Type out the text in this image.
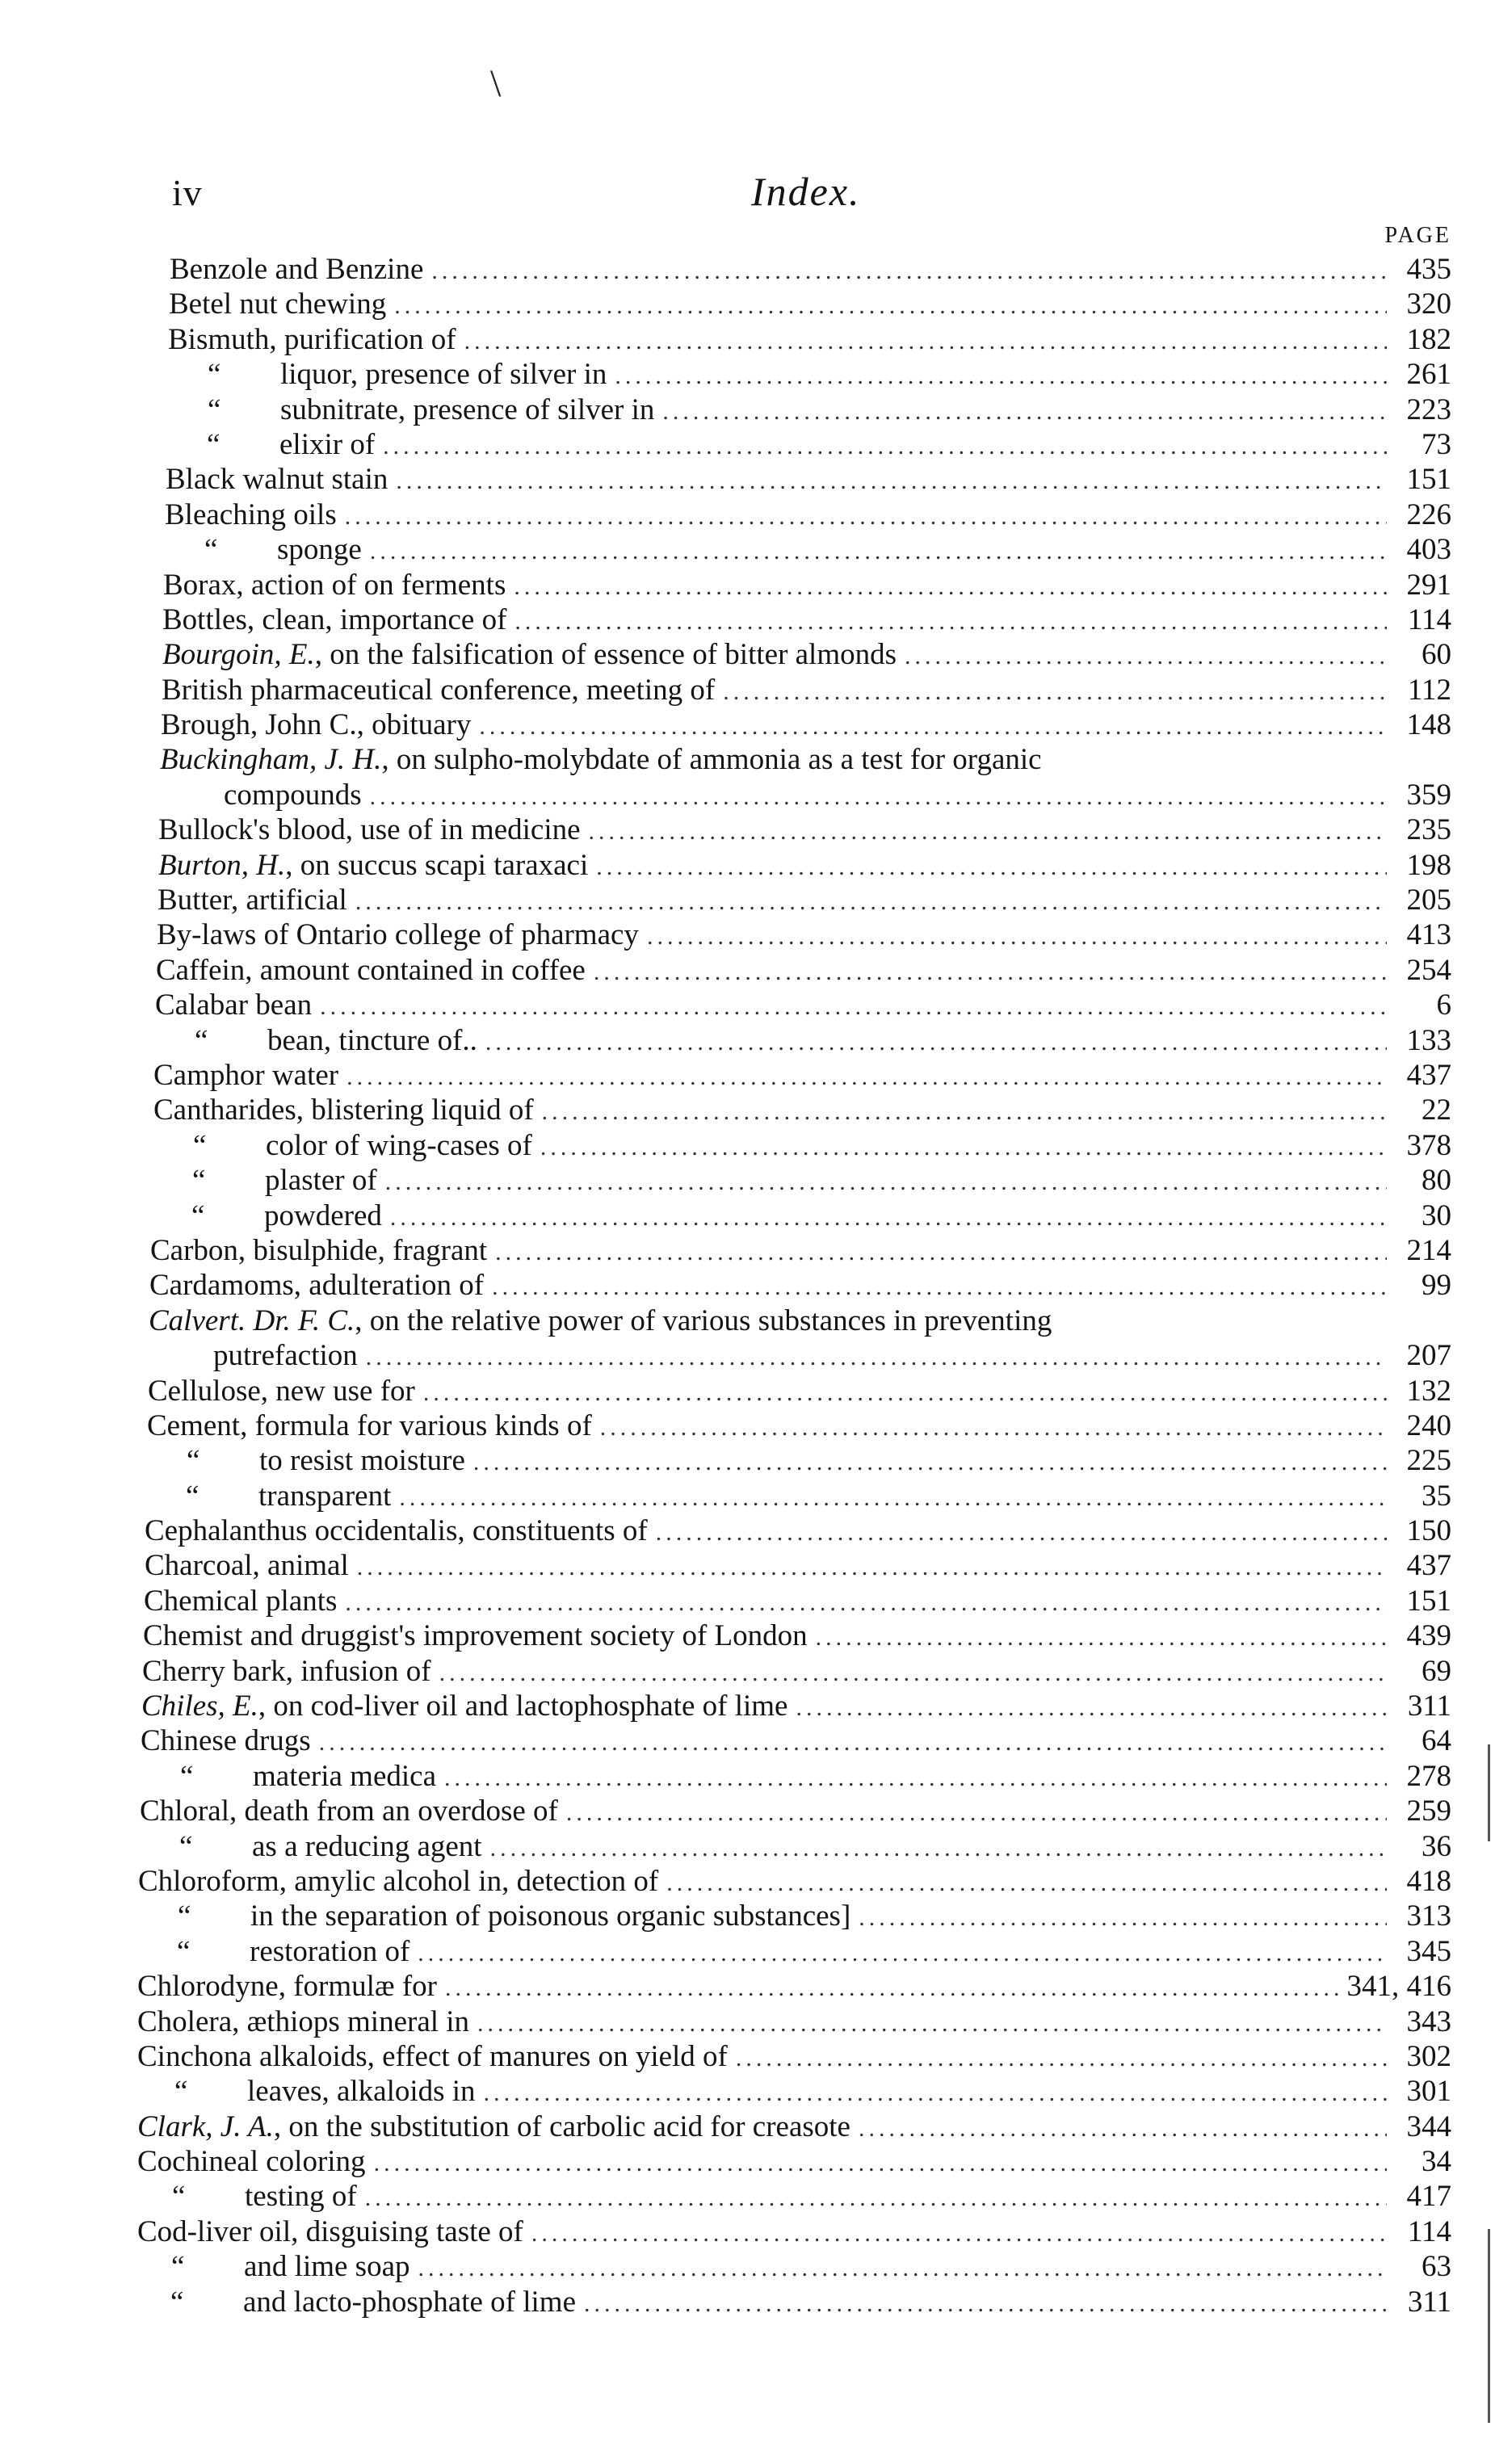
\
iv	Index.
PAGE
Benzole and Benzine .....	435
Betel nut chewing .....	320
Bismuth, purification of .....	182
“ liquor, presence of silver in .....	261
“ subnitrate, presence of silver in .....	223
“ elixir of .....	73
Black walnut stain .....	151
Bleaching oils .....	226
“ sponge .....	403
Borax, action of on ferments .....	291
Bottles, clean, importance of .....	114
Bourgoin, E., on the falsification of essence of bitter almonds .....	60
British pharmaceutical conference, meeting of .....	112
Brough, John C., obituary .....	148
Buckingham, J. H., on sulpho-molybdate of ammonia as a test for organic
compounds .....	359
Bullock's blood, use of in medicine .....	235
Burton, H., on succus scapi taraxaci .....	198
Butter, artificial .....	205
By-laws of Ontario college of pharmacy .....	413
Caffein, amount contained in coffee .....	254
Calabar bean .....	6
“ bean, tincture of.. .....	133
Camphor water .....	437
Cantharides, blistering liquid of .....	22
“ color of wing-cases of .....	378
“ plaster of .....	80
“ powdered .....	30
Carbon, bisulphide, fragrant .....	214
Cardamoms, adulteration of .....	99
Calvert. Dr. F. C., on the relative power of various substances in preventing
putrefaction .....	207
Cellulose, new use for .....	132
Cement, formula for various kinds of .....	240
“ to resist moisture .....	225
“ transparent .....	35
Cephalanthus occidentalis, constituents of .....	150
Charcoal, animal .....	437
Chemical plants .....	151
Chemist and druggist's improvement society of London .....	439
Cherry bark, infusion of .....	69
Chiles, E., on cod-liver oil and lactophosphate of lime .....	311
Chinese drugs .....	64
“ materia medica .....	278
Chloral, death from an overdose of .....	259
“ as a reducing agent .....	36
Chloroform, amylic alcohol in, detection of .....	418
“ in the separation of poisonous organic substances] .....	313
“ restoration of .....	345
Chlorodyne, formulæ for .....	341, 416
Cholera, æthiops mineral in .....	343
Cinchona alkaloids, effect of manures on yield of .....	302
“ leaves, alkaloids in .....	301
Clark, J. A., on the substitution of carbolic acid for creasote .....	344
Cochineal coloring .....	34
“ testing of .....	417
Cod-liver oil, disguising taste of .....	114
“ and lime soap .....	63
“ and lacto-phosphate of lime .....	311
